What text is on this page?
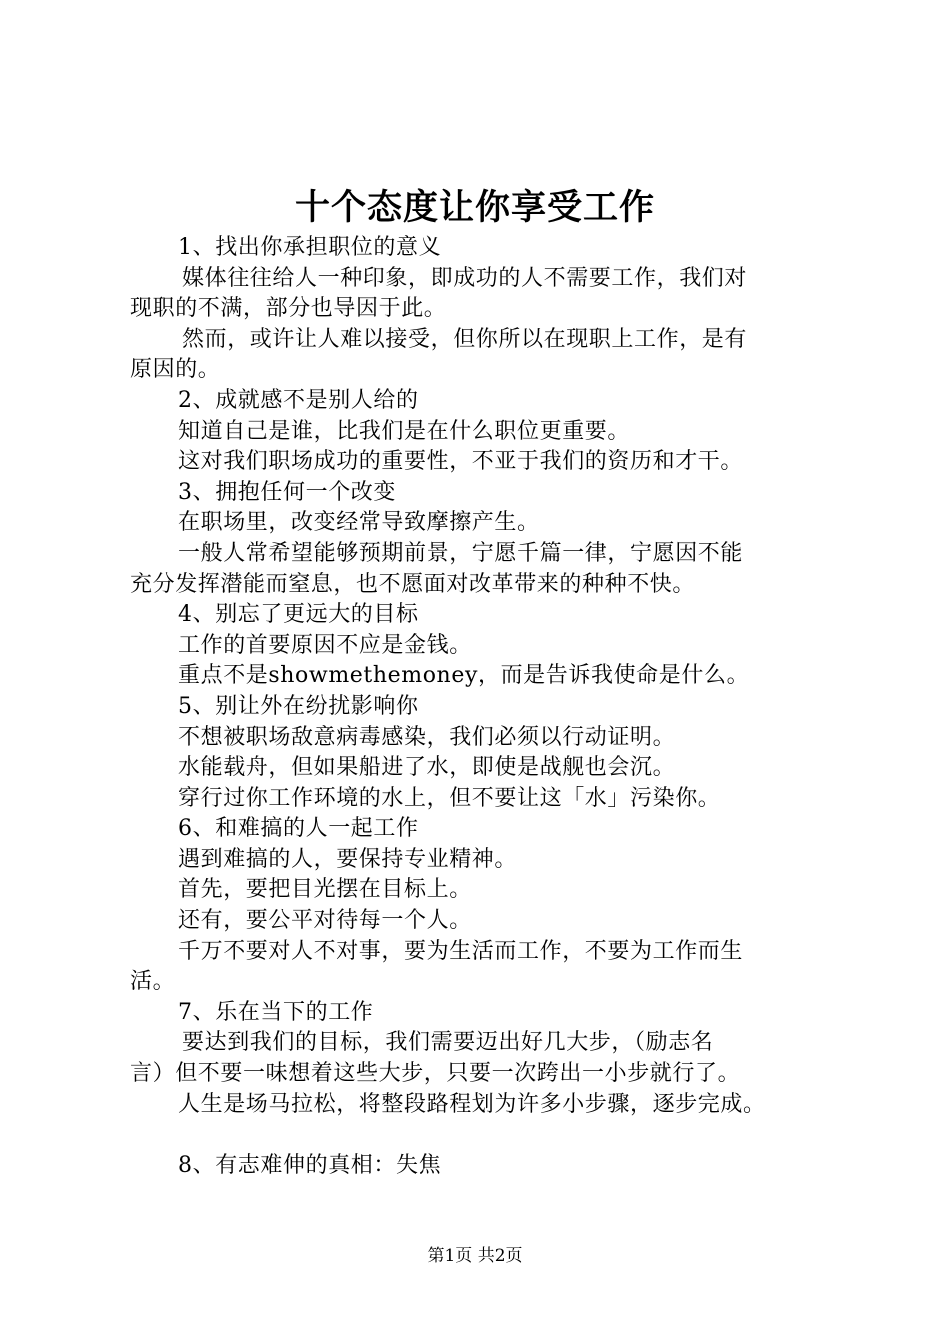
十个态度让你享受工作
1、找出你承担职位的意义
媒体往往给人一种印象，即成功的人不需要工作，我们对
现职的不满，部分也导因于此。
然而，或许让人难以接受，但你所以在现职上工作，是有
原因的。
2、成就感不是别人给的
知道自己是谁，比我们是在什么职位更重要。
这对我们职场成功的重要性，不亚于我们的资历和才干。
3、拥抱任何一个改变
在职场里，改变经常导致摩擦产生。
一般人常希望能够预期前景，宁愿千篇一律，宁愿因不能
充分发挥潜能而窒息，也不愿面对改革带来的种种不快。
4、别忘了更远大的目标
工作的首要原因不应是金钱。
重点不是showmethemoney，而是告诉我使命是什么。
5、别让外在纷扰影响你
不想被职场敌意病毒感染，我们必须以行动证明。
水能载舟，但如果船进了水，即使是战舰也会沉。
穿行过你工作环境的水上，但不要让这「水」污染你。
6、和难搞的人一起工作
遇到难搞的人，要保持专业精神。
首先，要把目光摆在目标上。
还有，要公平对待每一个人。
千万不要对人不对事，要为生活而工作，不要为工作而生
活。
7、乐在当下的工作
要达到我们的目标，我们需要迈出好几大步，（励志名
言）但不要一味想着这些大步，只要一次跨出一小步就行了。
人生是场马拉松，将整段路程划为许多小步骤，逐步完成。
8、有志难伸的真相：失焦
第1页 共2页
